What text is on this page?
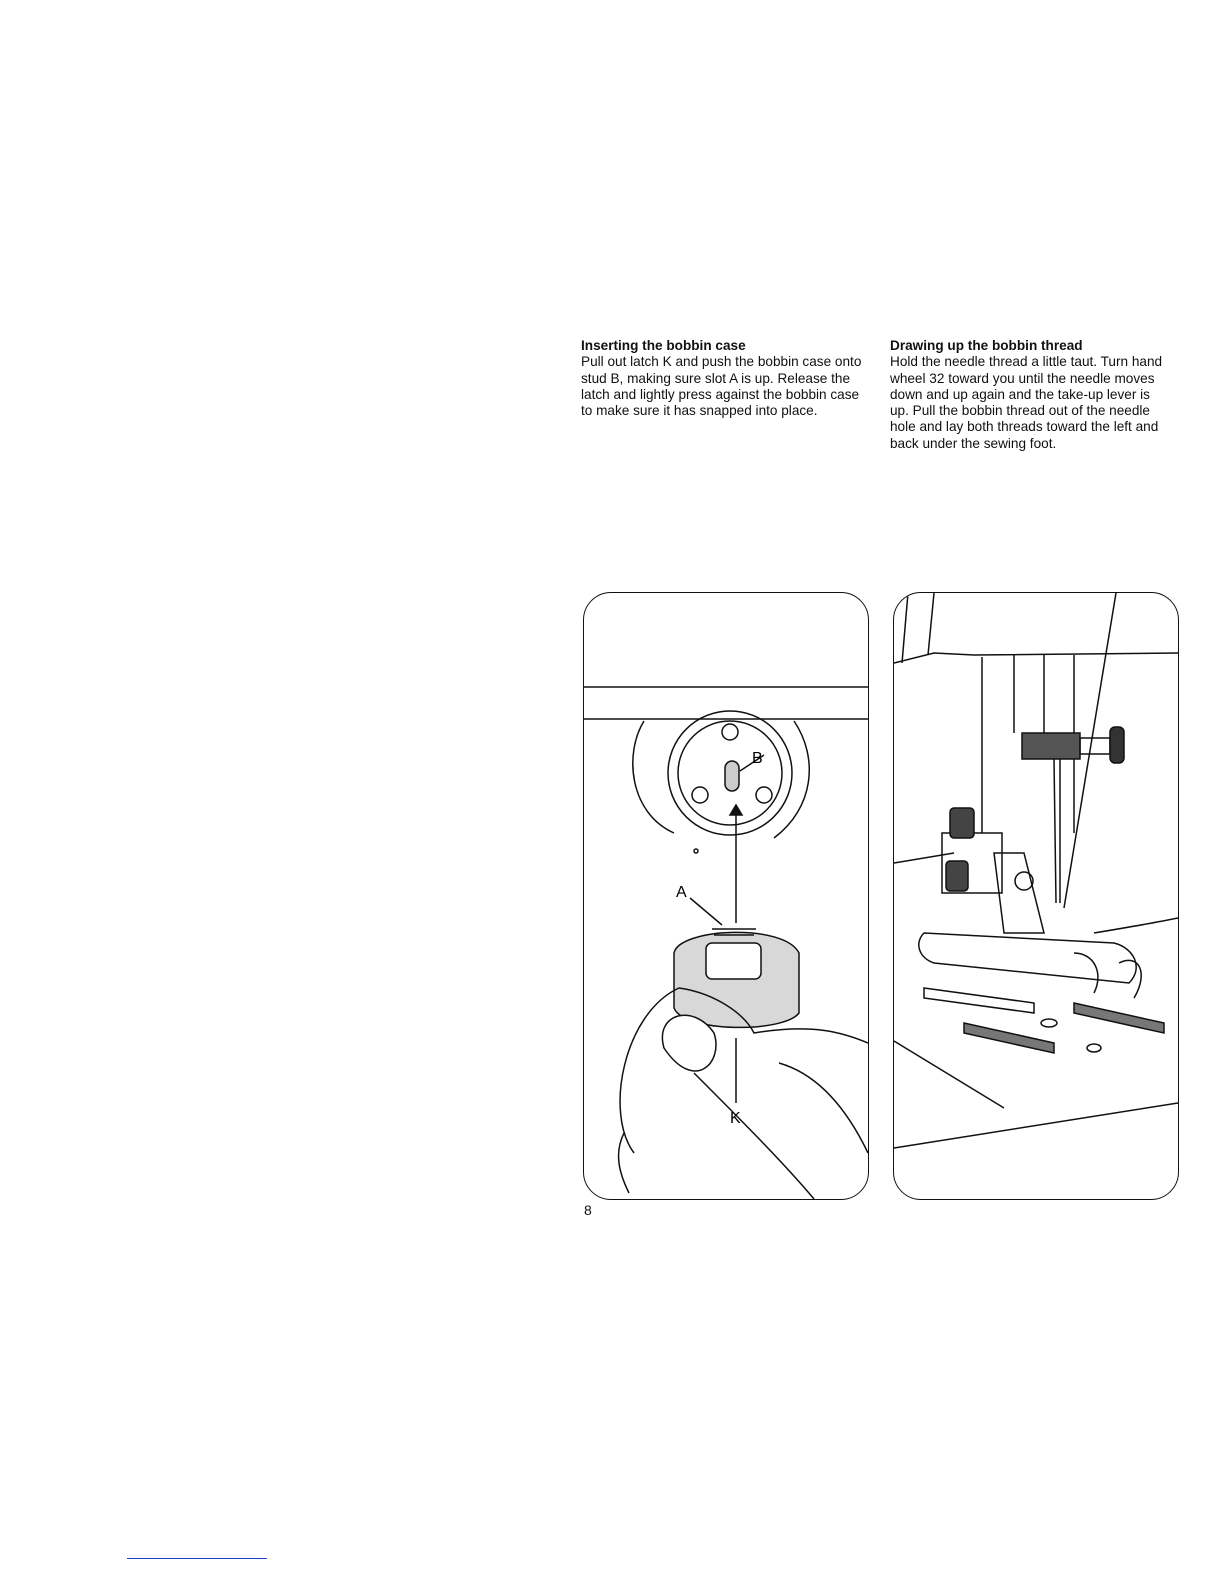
Inserting the bobbin case

Pull out latch K and push the bobbin case onto stud B, making sure slot A is up. Release the latch and lightly press against the bobbin case to make sure it has snapped into place.

Drawing up the bobbin thread

Hold the needle thread a little taut. Turn hand wheel 32 toward you until the needle moves down and up again and the take-up lever is up. Pull the bobbin thread out of the needle hole and lay both threads toward the left and back under the sewing foot.

B
A
K
8
